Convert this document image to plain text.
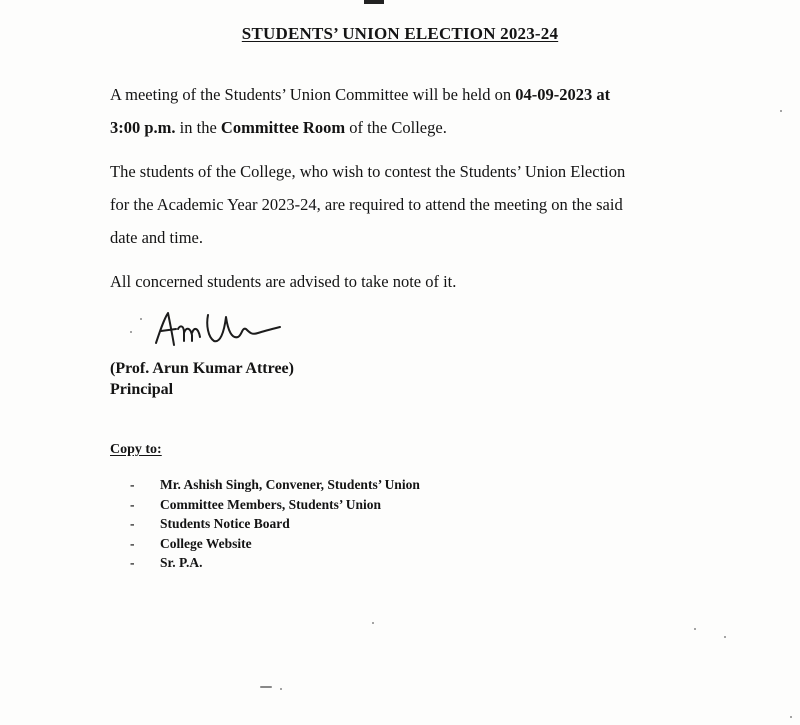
STUDENTS’ UNION ELECTION 2023-24

A meeting of the Students’ Union Committee will be held on 04-09-2023 at
3:00 p.m. in the Committee Room of the College.

The students of the College, who wish to contest the Students’ Union Election
for the Academic Year 2023-24, are required to attend the meeting on the said
date and time.

All concerned students are advised to take note of it.

(Prof. Arun Kumar Attree)
Principal
Copy to:
- Mr. Ashish Singh, Convener, Students’ Union
- Committee Members, Students’ Union
- Students Notice Board
- College Website
- Sr. P.A.
